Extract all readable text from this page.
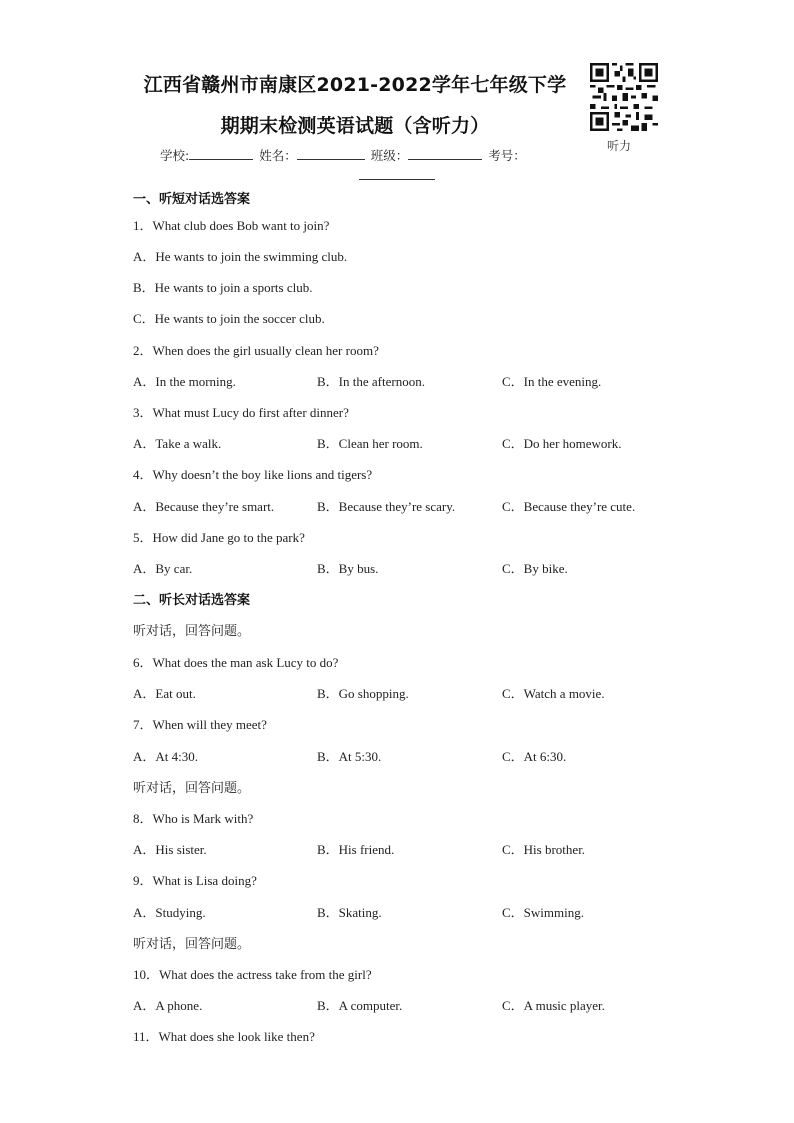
江西省赣州市南康区2021-2022学年七年级下学
期期末检测英语试题（含听力）
听力
学校:	姓名：	班级：	考号：
一、听短对话选答案
1．What club does Bob want to join?
A．He wants to join the swimming club.
B．He wants to join a sports club.
C．He wants to join the soccer club.
2．When does the girl usually clean her room?
A．In the morning.	B．In the afternoon.	C．In the evening.
3．What must Lucy do first after dinner?
A．Take a walk.	B．Clean her room.	C．Do her homework.
4．Why doesn’t the boy like lions and tigers?
A．Because they’re smart.	B．Because they’re scary.	C．Because they’re cute.
5．How did Jane go to the park?
A．By car.	B．By bus.	C．By bike.
二、听长对话选答案
听对话，回答问题。
6．What does the man ask Lucy to do?
A．Eat out.	B．Go shopping.	C．Watch a movie.
7．When will they meet?
A．At 4:30.	B．At 5:30.	C．At 6:30.
听对话，回答问题。
8．Who is Mark with?
A．His sister.	B．His friend.	C．His brother.
9．What is Lisa doing?
A．Studying.	B．Skating.	C．Swimming.
听对话，回答问题。
10．What does the actress take from the girl?
A．A phone.	B．A computer.	C．A music player.
11．What does she look like then?
